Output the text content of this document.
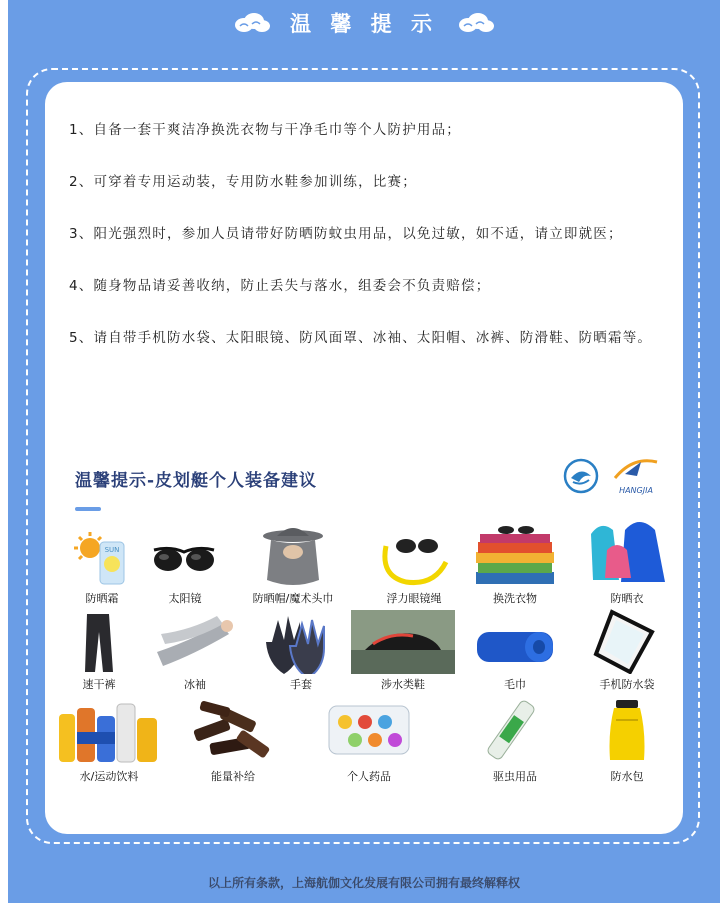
温 馨 提 示

1、自备一套干爽洁净换洗衣物与干净毛巾等个人防护用品；

2、可穿着专用运动装，专用防水鞋参加训练，比赛；

3、阳光强烈时，参加人员请带好防晒防蚊虫用品，以免过敏，如不适，请立即就医；

4、随身物品请妥善收纳，防止丢失与落水，组委会不负责赔偿；

5、请自带手机防水袋、太阳眼镜、防风面罩、冰袖、太阳帽、冰裤、防滑鞋、防晒霜等。

温馨提示-皮划艇个人装备建议	HANGJIA
SUN
防晒霜	太阳镜	防晒帽/魔术头巾	浮力眼镜绳	换洗衣物	防晒衣
速干裤	冰袖	手套	涉水类鞋	毛巾	手机防水袋
水/运动饮料	能量补给	个人药品	驱虫用品	防水包
以上所有条款，上海航伽文化发展有限公司拥有最终解释权
